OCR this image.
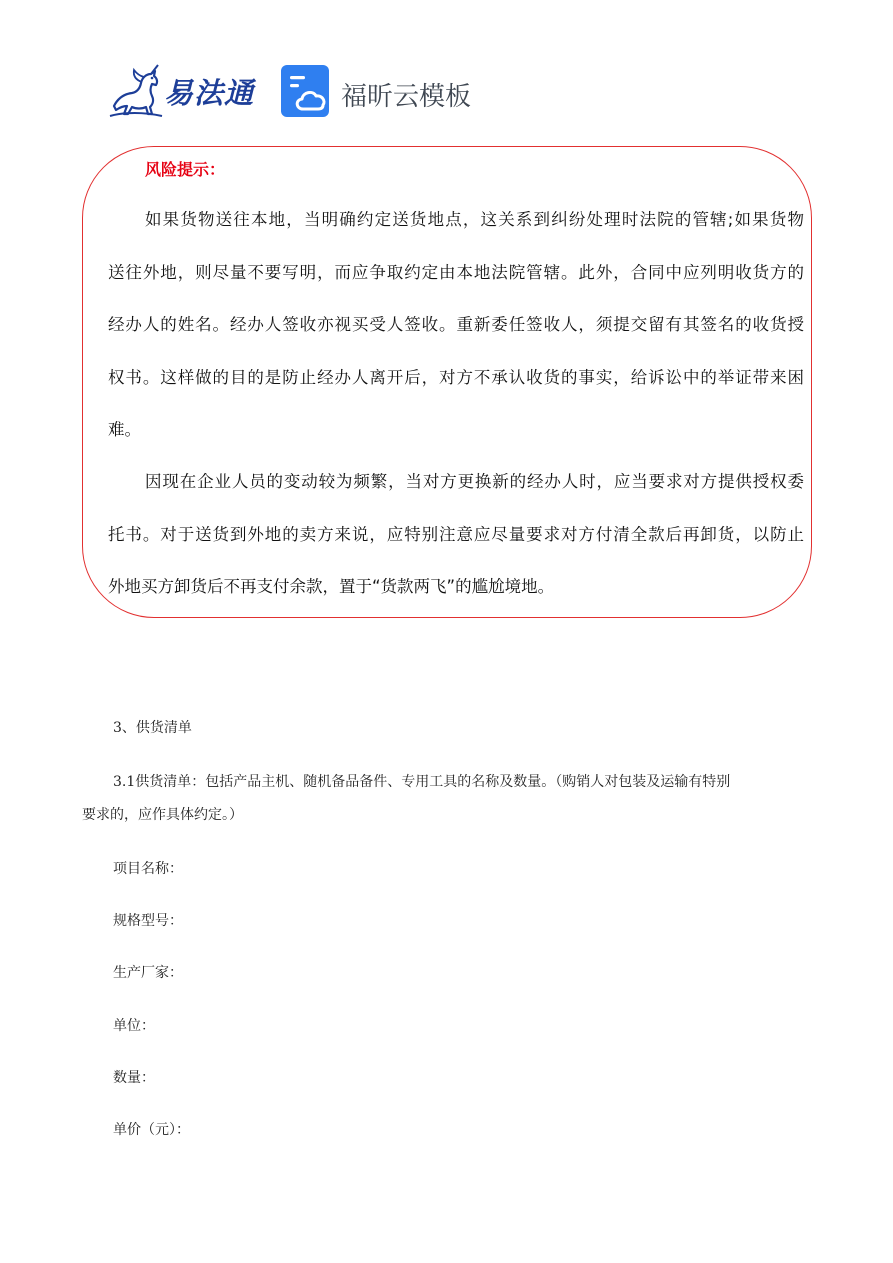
易法通	福昕云模板
风险提示：
如果货物送往本地，当明确约定送货地点，这关系到纠纷处理时法院的管辖;如果货物
送往外地，则尽量不要写明，而应争取约定由本地法院管辖。此外，合同中应列明收货方的
经办人的姓名。经办人签收亦视买受人签收。重新委任签收人，须提交留有其签名的收货授
权书。这样做的目的是防止经办人离开后，对方不承认收货的事实，给诉讼中的举证带来困
难。
因现在企业人员的变动较为频繁，当对方更换新的经办人时，应当要求对方提供授权委
托书。对于送货到外地的卖方来说，应特别注意应尽量要求对方付清全款后再卸货，以防止
外地买方卸货后不再支付余款，置于“货款两飞”的尴尬境地。
3、供货清单
3.1供货清单：包括产品主机、随机备品备件、专用工具的名称及数量。（购销人对包装及运输有特别
要求的，应作具体约定。）
项目名称：
规格型号：
生产厂家：
单位：
数量：
单价（元）：
